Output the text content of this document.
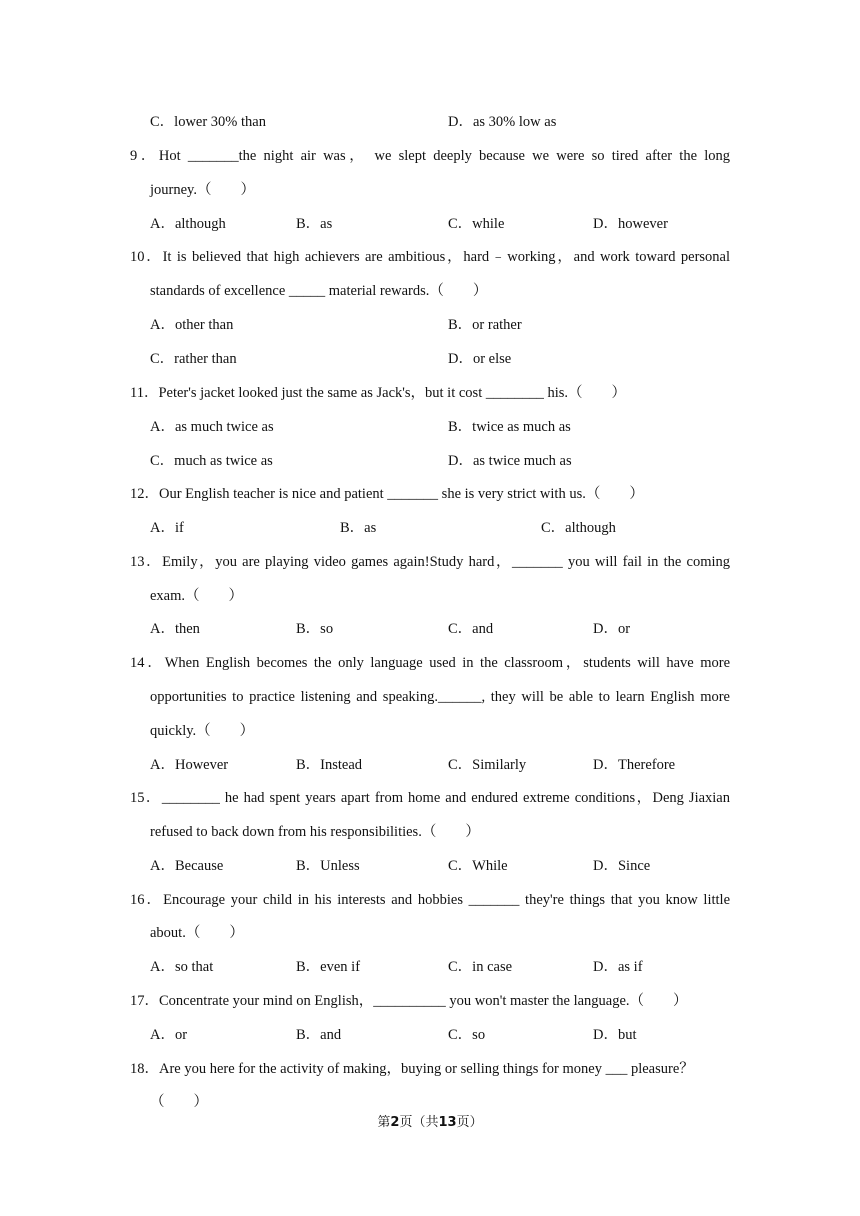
C．lower 30% than	D．as 30% low as
9．Hot _______the night air was， we slept deeply because we were so tired after the long
journey.（　　）
A．although	B．as	C．while	D．however
10．It is believed that high achievers are ambitious，hard﹣working，and work toward personal
standards of excellence _____ material rewards.（　　）
A．other than	B．or rather
C．rather than	D．or else
11．Peter's jacket looked just the same as Jack's，but it cost ________ his.（　　）
A．as much twice as	B．twice as much as
C．much as twice as	D．as twice much as
12．Our English teacher is nice and patient _______ she is very strict with us.（　　）
A．if	B．as	C．although
13．Emily，you are playing video games again!Study hard，_______ you will fail in the coming
exam.（　　）
A．then	B．so	C．and	D．or
14．When English becomes the only language used in the classroom，students will have more
opportunities to practice listening and speaking.______, they will be able to learn English more
quickly.（　　）
A．However	B．Instead	C．Similarly	D．Therefore
15．________ he had spent years apart from home and endured extreme conditions，Deng Jiaxian
refused to back down from his responsibilities.（　　）
A．Because	B．Unless	C．While	D．Since
16．Encourage your child in his interests and hobbies _______ they're things that you know little
about.（　　）
A．so that	B．even if	C．in case	D．as if
17．Concentrate your mind on English，__________ you won't master the language.（　　）
A．or	B．and	C．so	D．but
18．Are you here for the activity of making，buying or selling things for money ___ pleasure？
（　　）
第2页（共13页）
